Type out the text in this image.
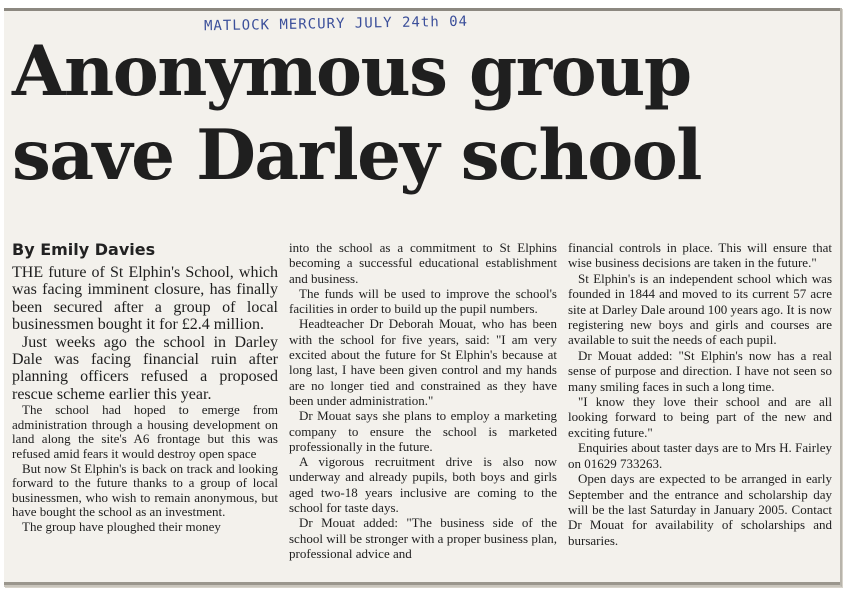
MATLOCK MERCURY JULY 24th 04
Anonymous group
save Darley school

By Emily Davies

THE future of St Elphin's School, which was facing imminent closure, has finally been secured after a group of local businessmen bought it for £2.4 million.

Just weeks ago the school in Darley Dale was facing financial ruin after planning officers refused a proposed rescue scheme earlier this year.

The school had hoped to emerge from administration through a housing development on land along the site's A6 frontage but this was refused amid fears it would destroy open space

But now St Elphin's is back on track and looking forward to the future thanks to a group of local businessmen, who wish to remain anonymous, but have bought the school as an investment.

The group have ploughed their money

into the school as a commitment to St Elphins becoming a successful educational establishment and business.

The funds will be used to improve the school's facilities in order to build up the pupil numbers.

Headteacher Dr Deborah Mouat, who has been with the school for five years, said: "I am very excited about the future for St Elphin's because at long last, I have been given control and my hands are no longer tied and constrained as they have been under administration."

Dr Mouat says she plans to employ a marketing company to ensure the school is marketed professionally in the future.

A vigorous recruitment drive is also now underway and already pupils, both boys and girls aged two-18 years inclusive are coming to the school for taste days.

Dr Mouat added: "The business side of the school will be stronger with a proper business plan, professional advice and

financial controls in place. This will ensure that wise business decisions are taken in the future."

St Elphin's is an independent school which was founded in 1844 and moved to its current 57 acre site at Darley Dale around 100 years ago. It is now registering new boys and girls and courses are available to suit the needs of each pupil.

Dr Mouat added: "St Elphin's now has a real sense of purpose and direction. I have not seen so many smiling faces in such a long time.

"I know they love their school and are all looking forward to being part of the new and exciting future."

Enquiries about taster days are to Mrs H. Fairley on 01629 733263.

Open days are expected to be arranged in early September and the entrance and scholarship day will be the last Saturday in January 2005. Contact Dr Mouat for availability of scholarships and bursaries.
